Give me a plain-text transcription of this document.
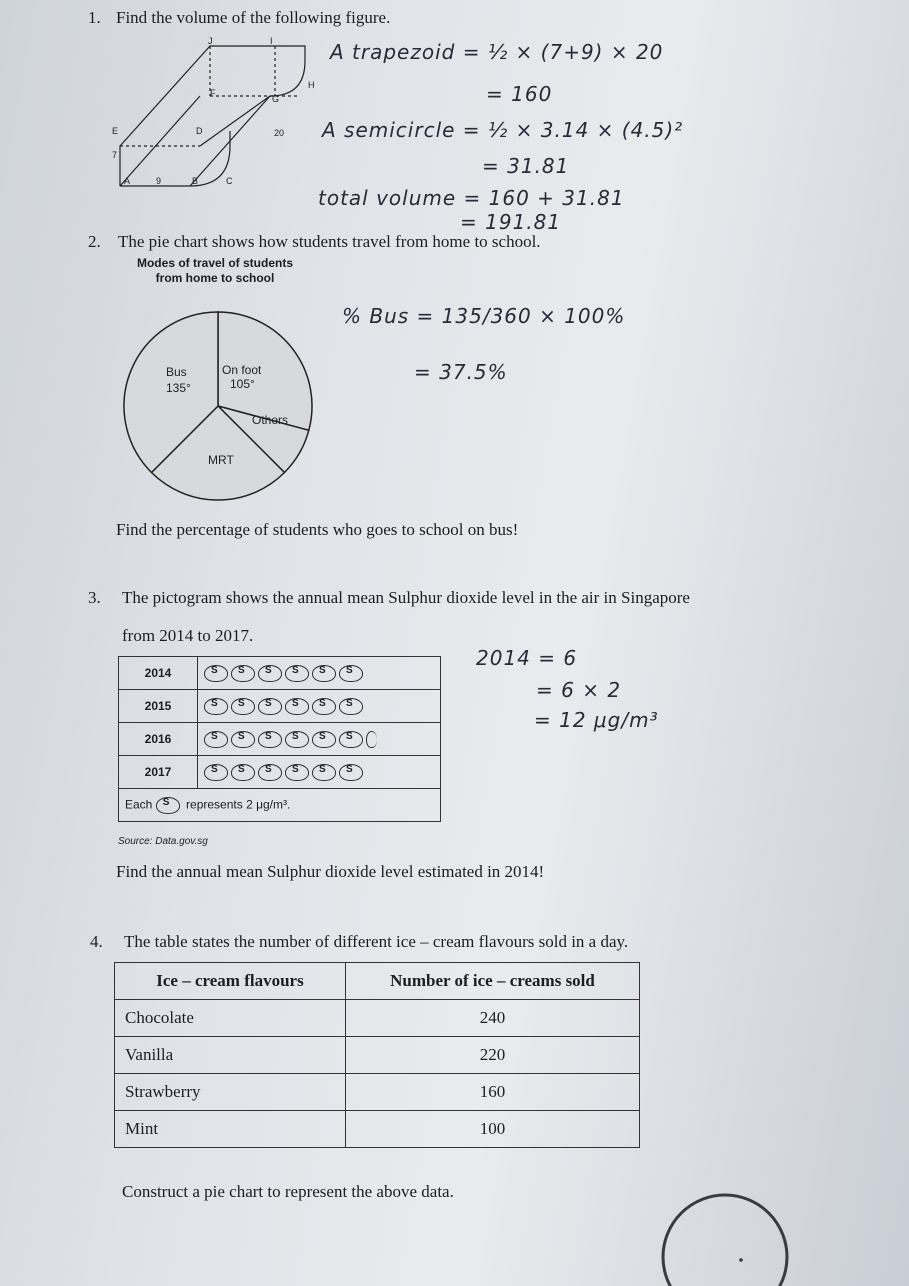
1. Find the volume of the following figure.
J	I
H
F
G
E	D	20
7
A	9	B	C
A trapezoid = ½ × (7+9) × 20
= 160
A semicircle = ½ × 3.14 × (4.5)²
= 31.81
total volume = 160 + 31.81
= 191.81
2. The pie chart shows how students travel from home to school.
Modes of travel of students
from home to school
Bus
135°
On foot
105°
Others
MRT
% Bus = 135/360 × 100%
= 37.5%
Find the percentage of students who goes to school on bus!
3. The pictogram shows the annual mean Sulphur dioxide level in the air in Singapore
from 2014 to 2017.
2014	SSSSSS
2015	SSSSSS
2016	SSSSSS
2017	SSSSSS
Each S represents 2 μg/m³.
Source: Data.gov.sg
2014 = 6
= 6 × 2
= 12 μg/m³
Find the annual mean Sulphur dioxide level estimated in 2014!
4. The table states the number of different ice – cream flavours sold in a day.
Ice – cream flavours	Number of ice – creams sold
Chocolate	240
Vanilla	220
Strawberry	160
Mint	100
Construct a pie chart to represent the above data.
